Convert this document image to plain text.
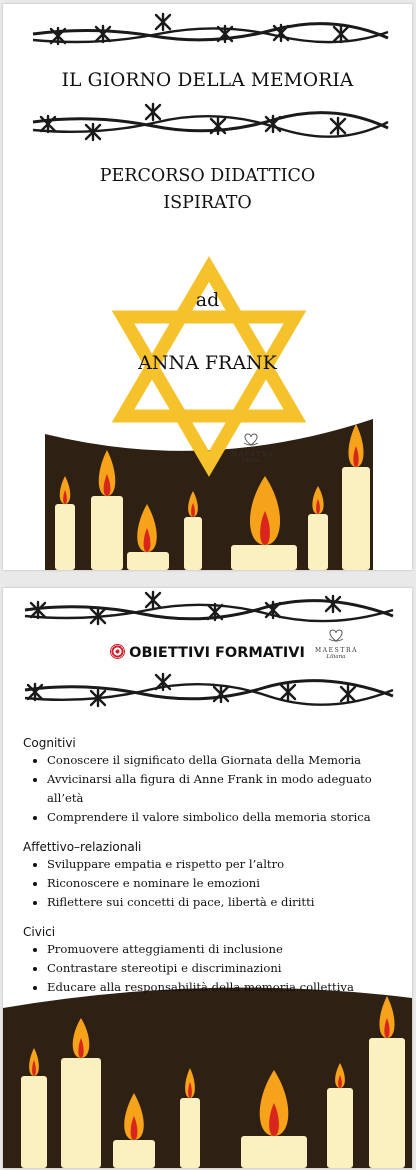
IL GIORNO DELLA MEMORIA
PERCORSO DIDATTICO
ISPIRATO
ad
ANNA FRANK
MAESTRA
Liliana
OBIETTIVI FORMATIVI	MAESTRA
Liliana
Cognitivi
• Conoscere il significato della Giornata della Memoria
• Avvicinarsi alla figura di Anne Frank in modo adeguato all’età
• Comprendere il valore simbolico della memoria storica
Affettivo–relazionali
• Sviluppare empatia e rispetto per l’altro
• Riconoscere e nominare le emozioni
• Riflettere sui concetti di pace, libertà e diritti
Civici
• Promuovere atteggiamenti di inclusione
• Contrastare stereotipi e discriminazioni
• Educare alla responsabilità della memoria collettiva
